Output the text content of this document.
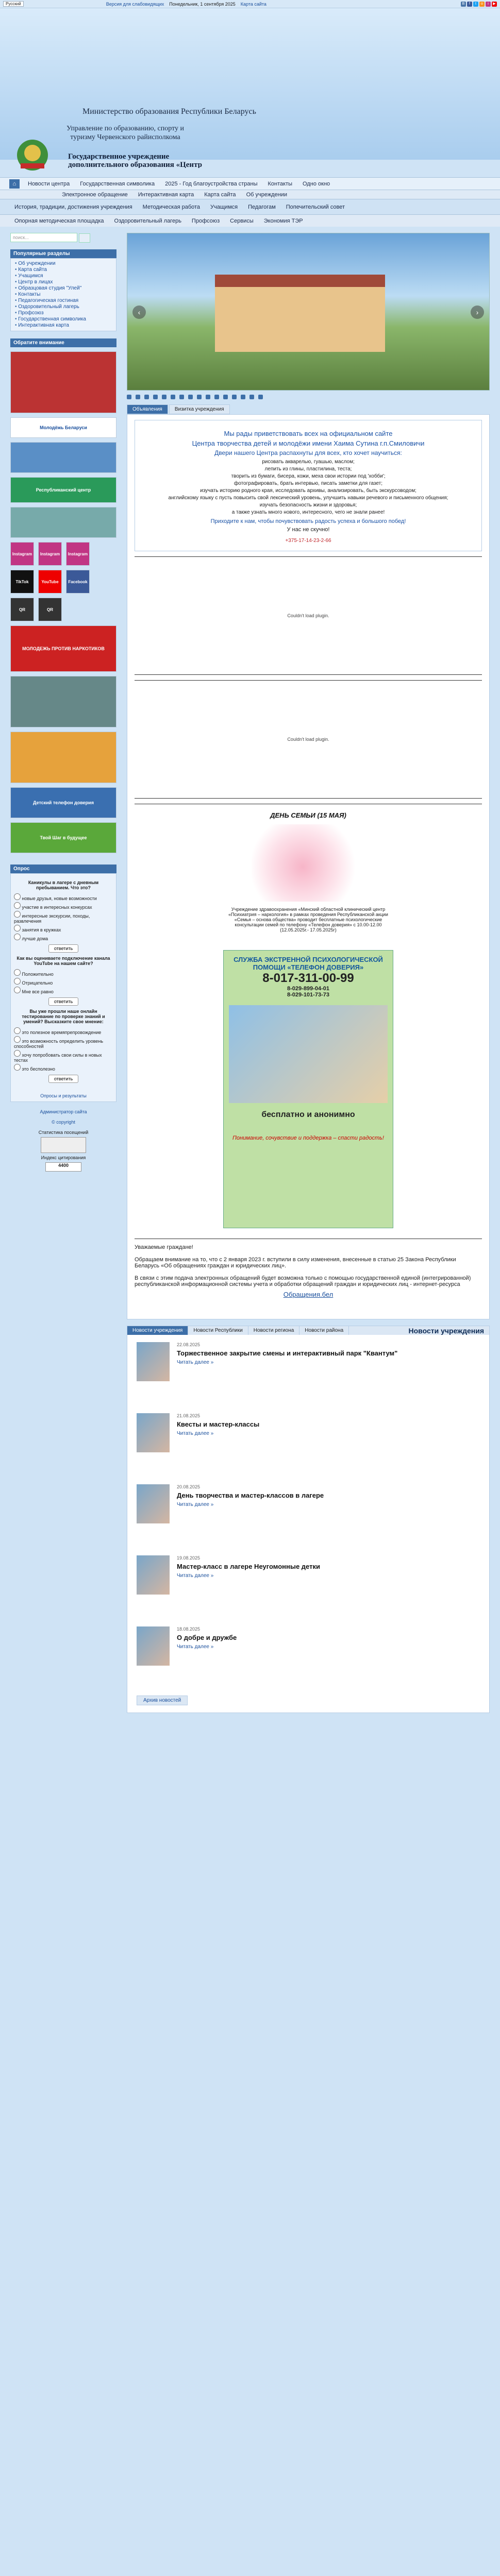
Русский	Версия для слабовидящих Понедельник, 1 сентября 2025 Карта сайта	В	f	t	o	i	▶
Министерство образования Республики Беларусь
Управление по образованию, спорту и туризму Червенского райисполкома
Государственное учреждение дополнительного образования «Центр
⌂	Новости центра	Государственная символика	2025 - Год благоустройства страны	Контакты	Одно окно
Электронное обращение	Интерактивная карта	Карта сайта	Об учреждении
История, традиции, достижения учреждения	Методическая работа	Учащимся	Педагогам	Попечительский совет
Опорная методическая площадка	Оздоровительный лагерь	Профсоюз	Сервисы	Экономия ТЭР
поиск...
Популярные разделы
• Об учреждении
• Карта сайта
• Учащимся
• Центр в лицах
• Образцовая студия "Улей"
• Контакты
• Педагогическая гостиная
• Оздоровительный лагерь
• Профсоюз
• Государственная символика
• Интерактивная карта
Обратите внимание
Молодёжь Беларуси
Республиканский центр
Instagram	Instagram	Instagram
TikTok	YouTube	Facebook
QR	QR
МОЛОДЕЖЬ ПРОТИВ НАРКОТИКОВ
Детский телефон доверия
Твой Шаг в будущее
Опрос
Каникулы в лагере с дневным пребыванием. Что это?
новые друзья, новые возможности
участие в интересных конкурсах
интересные экскурсии, походы, развлечения
занятия в кружках
лучше дома
ответить
Как вы оцениваете подключение канала YouTube на нашем сайте?
Положительно
Отрицательно
Мне все равно
ответить
Вы уже прошли наше онлайн тестирование по проверке знаний и умений? Высказките свое мнение:
это полезное времяпрепровождение
это возможность определить уровень способностей
хочу попробовать свои силы в новых тестах
это бесполезно
ответить
Опросы и результаты
Администратор сайта

© copyright

Статистика посещений
Индекс цитирования
4400
‹	›
Объявления	Визитка учреждения
Мы рады приветствовать всех на официальном сайте
Центра творчества детей и молодёжи имени Хаима Сутина г.п.Смиловичи
Двери нашего Центра распахнуты для всех, кто хочет научиться:
рисовать акварелью, гуашью, маслом;
лепить из глины, пластилина, теста;
творить из бумаги, бисера, кожи, меха свои истории под 'хобби';
фотографировать, брать интервью, писать заметки для газет;
изучать историю родного края, исследовать архивы, анализировать, быть экскурсоводом;
английскому языку с пусть повысить свой лексический уровень, улучшить навыки речевого и письменного общения;
изучать безопасность жизни и здоровья;
а также узнать много нового, интересного, чего не знали ранее!
Приходите к нам, чтобы почувствовать радость успеха и большого побед!
У нас не скучно!
+375-17-14-23-2-66
Couldn't load plugin.
Couldn't load plugin.
ДЕНЬ СЕМЬИ (15 МАЯ)

Учреждение здравоохранения «Минский областной клинический центр «Психиатрия – наркология» в рамках проведения Республиканской акции «Семья – основа общества» проводит бесплатные психологические консультации семей по телефону «Телефон доверия» с 10.00-12.00 (12.05.2025г.- 17.05.2025г)

СЛУЖБА ЭКСТРЕННОЙ ПСИХОЛОГИЧЕСКОЙ ПОМОЩИ «ТЕЛЕФОН ДОВЕРИЯ»
8-017-311-00-99
8-029-899-04-01
8-029-101-73-73
бесплатно и анонимно
Понимание, сочувствие и поддержка – спасти радость!

Уважаемые граждане!

Обращаем внимание на то, что с 2 января 2023 г. вступили в силу изменения, внесенные в статью 25 Закона Республики Беларусь «Об обращениях граждан и юридических лиц».

В связи с этим подача электронных обращений будет возможна только с помощью государственной единой (интегрированной) республиканской информационной системы учета и обработки обращений граждан и юридических лиц - интернет-ресурса

Обращения.бел

Новости учреждения	Новости Республики	Новости региона	Новости района	Новости учреждения
22.08.2025
Торжественное закрытие смены и интерактивный парк "Квантум"
Читать далее »
21.08.2025
Квесты и мастер-классы
Читать далее »
20.08.2025
День творчества и мастер-классов в лагере
Читать далее »
19.08.2025
Мастер-класс в лагере Неугомонные детки
Читать далее »
18.08.2025
О добре и дружбе
Читать далее »
Архив новостей
